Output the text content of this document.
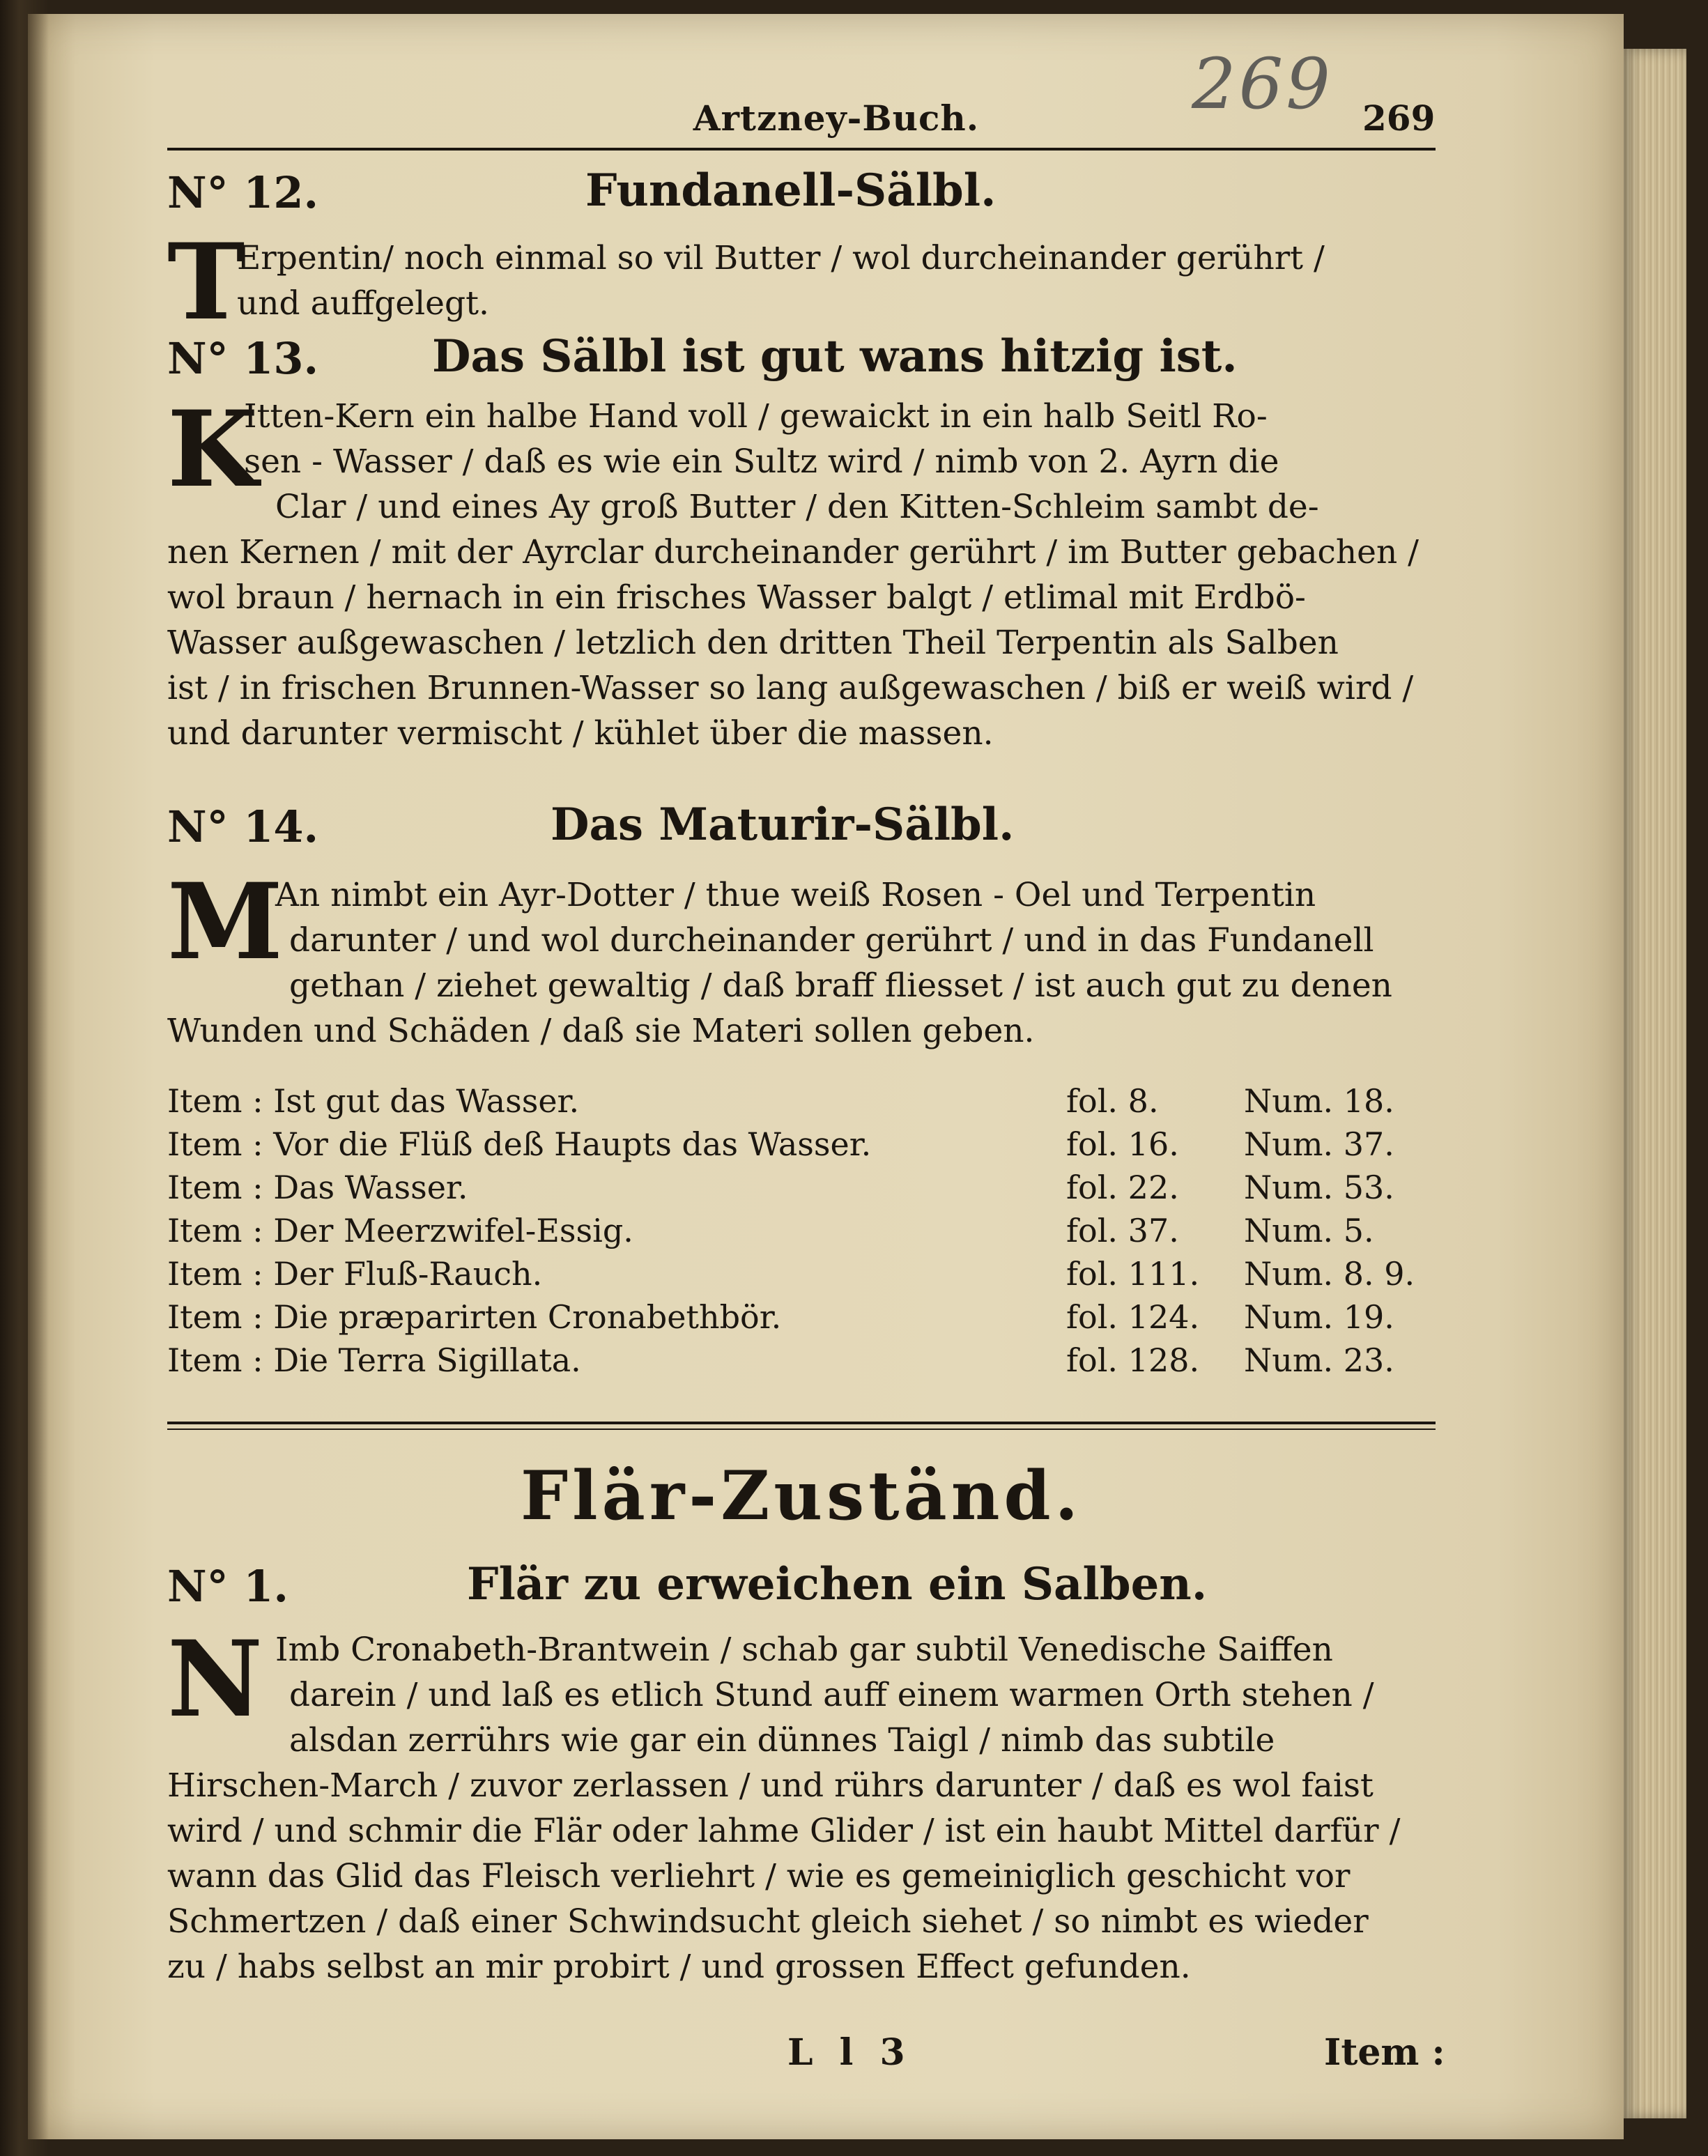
269
Artzney-Buch.	269
N° 12.	Fundanell-Sälbl.
T
Erpentin/ noch einmal so vil Butter / wol durcheinander gerührt /
und auffgelegt.
N° 13.	Das Sälbl ist gut wans hitzig ist.
K
Itten-Kern ein halbe Hand voll / gewaickt in ein halb Seitl Ro-
sen - Wasser / daß es wie ein Sultz wird / nimb von 2. Ayrn die
Clar / und eines Ay groß Butter / den Kitten-Schleim sambt de-
nen Kernen / mit der Ayrclar durcheinander gerührt / im Butter gebachen /
wol braun / hernach in ein frisches Wasser balgt / etlimal mit Erdbö-
Wasser außgewaschen / letzlich den dritten Theil Terpentin als Salben
ist / in frischen Brunnen-Wasser so lang außgewaschen / biß er weiß wird /
und darunter vermischt / kühlet über die massen.
N° 14.	Das Maturir-Sälbl.
M
An nimbt ein Ayr-Dotter / thue weiß Rosen - Oel und Terpentin
darunter / und wol durcheinander gerührt / und in das Fundanell
gethan / ziehet gewaltig / daß braff fliesset / ist auch gut zu denen
Wunden und Schäden / daß sie Materi sollen geben.
Item : Ist gut das Wasser.	fol. 8.	Num. 18.
Item : Vor die Flüß deß Haupts das Wasser.	fol. 16. Num. 37.
Item : Das Wasser.	fol. 22. Num. 53.
Item : Der Meerzwifel-Essig.	fol. 37. Num. 5.
Item : Der Fluß-Rauch.	fol. 111. Num. 8. 9.
Item : Die præparirten Cronabethbör.	fol. 124. Num. 19.
Item : Die Terra Sigillata.	fol. 128. Num. 23.
Flär-Zuständ.
N° 1.	Flär zu erweichen ein Salben.
N Imb Cronabeth-Brantwein / schab gar subtil Venedische Saiffen
darein / und laß es etlich Stund auff einem warmen Orth stehen /
alsdan zerrührs wie gar ein dünnes Taigl / nimb das subtile
Hirschen-March / zuvor zerlassen / und rührs darunter / daß es wol faist
wird / und schmir die Flär oder lahme Glider / ist ein haubt Mittel darfür /
wann das Glid das Fleisch verliehrt / wie es gemeiniglich geschicht vor
Schmertzen / daß einer Schwindsucht gleich siehet / so nimbt es wieder
zu / habs selbst an mir probirt / und grossen Effect gefunden.
L l 3	Item :
